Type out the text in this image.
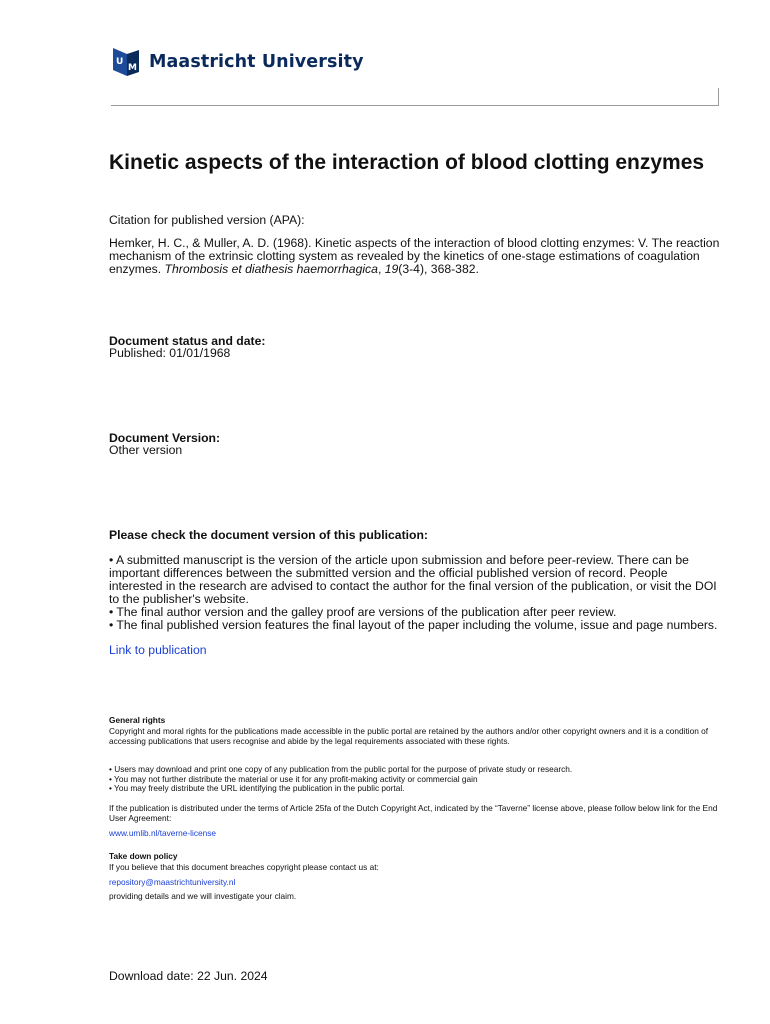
U
M Maastricht University
Kinetic aspects of the interaction of blood clotting enzymes
Citation for published version (APA):
Hemker, H. C., & Muller, A. D. (1968). Kinetic aspects of the interaction of blood clotting enzymes: V. The reaction mechanism of the extrinsic clotting system as revealed by the kinetics of one-stage estimations of coagulation enzymes. Thrombosis et diathesis haemorrhagica, 19(3-4), 368-382.
Document status and date:
Published: 01/01/1968
Document Version:
Other version
Please check the document version of this publication:

• A submitted manuscript is the version of the article upon submission and before peer-review. There can be important differences between the submitted version and the official published version of record. People interested in the research are advised to contact the author for the final version of the publication, or visit the DOI to the publisher's website.

• The final author version and the galley proof are versions of the publication after peer review.

• The final published version features the final layout of the paper including the volume, issue and page numbers.

Link to publication
General rights
Copyright and moral rights for the publications made accessible in the public portal are retained by the authors and/or other copyright owners and it is a condition of accessing publications that users recognise and abide by the legal requirements associated with these rights.

• Users may download and print one copy of any publication from the public portal for the purpose of private study or research.

• You may not further distribute the material or use it for any profit-making activity or commercial gain

• You may freely distribute the URL identifying the publication in the public portal.

If the publication is distributed under the terms of Article 25fa of the Dutch Copyright Act, indicated by the “Taverne” license above, please follow below link for the End User Agreement:
www.umlib.nl/taverne-license
Take down policy
If you believe that this document breaches copyright please contact us at:
repository@maastrichtuniversity.nl
providing details and we will investigate your claim.
Download date: 22 Jun. 2024
